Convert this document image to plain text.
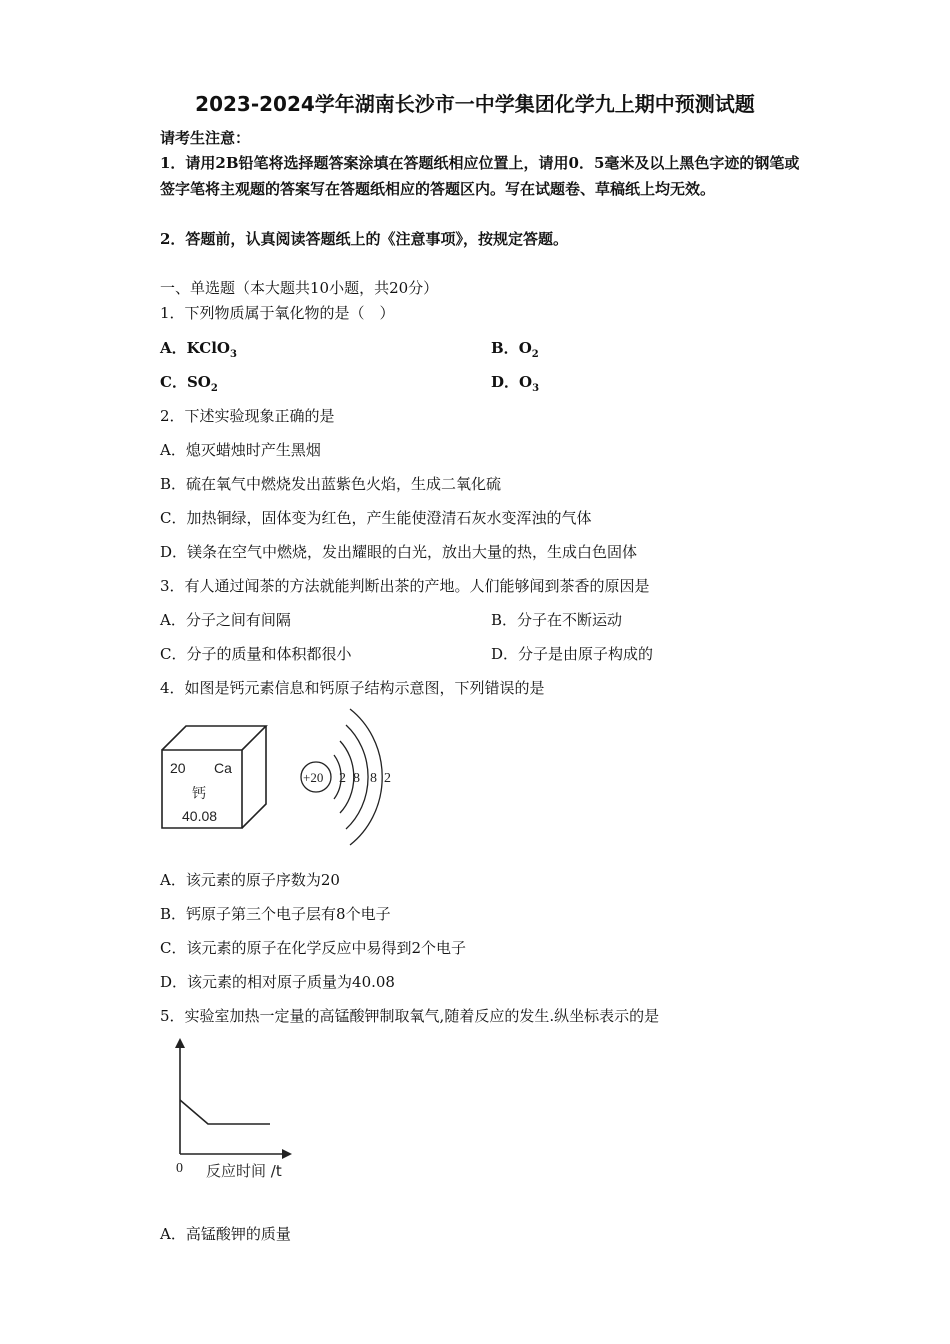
2023-2024学年湖南长沙市一中学集团化学九上期中预测试题
请考生注意：
1．请用2B铅笔将选择题答案涂填在答题纸相应位置上，请用0．5毫米及以上黑色字迹的钢笔或签字笔将主观题的答案写在答题纸相应的答题区内。写在试题卷、草稿纸上均无效。
2．答题前，认真阅读答题纸上的《注意事项》，按规定答题。
一、单选题（本大题共10小题，共20分）
1．下列物质属于氧化物的是（　）
A．KClO$_3$	B．$O_2$
C．$SO_2$	D．$O_3$
2．下述实验现象正确的是
A．熄灭蜡烛时产生黑烟
B．硫在氧气中燃烧发出蓝紫色火焰，生成二氧化硫
C．加热铜绿，固体变为红色，产生能使澄清石灰水变浑浊的气体
D．镁条在空气中燃烧，发出耀眼的白光，放出大量的热，生成白色固体
3．有人通过闻茶的方法就能判断出茶的产地。人们能够闻到茶香的原因是
A．分子之间有间隔	B．分子在不断运动
C．分子的质量和体积都很小	D．分子是由原子构成的
4．如图是钙元素信息和钙原子结构示意图，下列错误的是
20 Ca
钙
40.08
+20 2 8 8 2
A．该元素的原子序数为20
B．钙原子第三个电子层有8个电子
C．该元素的原子在化学反应中易得到2个电子
D．该元素的相对原子质量为40.08
5．实验室加热一定量的高锰酸钾制取氧气,随着反应的发生.纵坐标表示的是
0 反应时间 /t
A．高锰酸钾的质量
